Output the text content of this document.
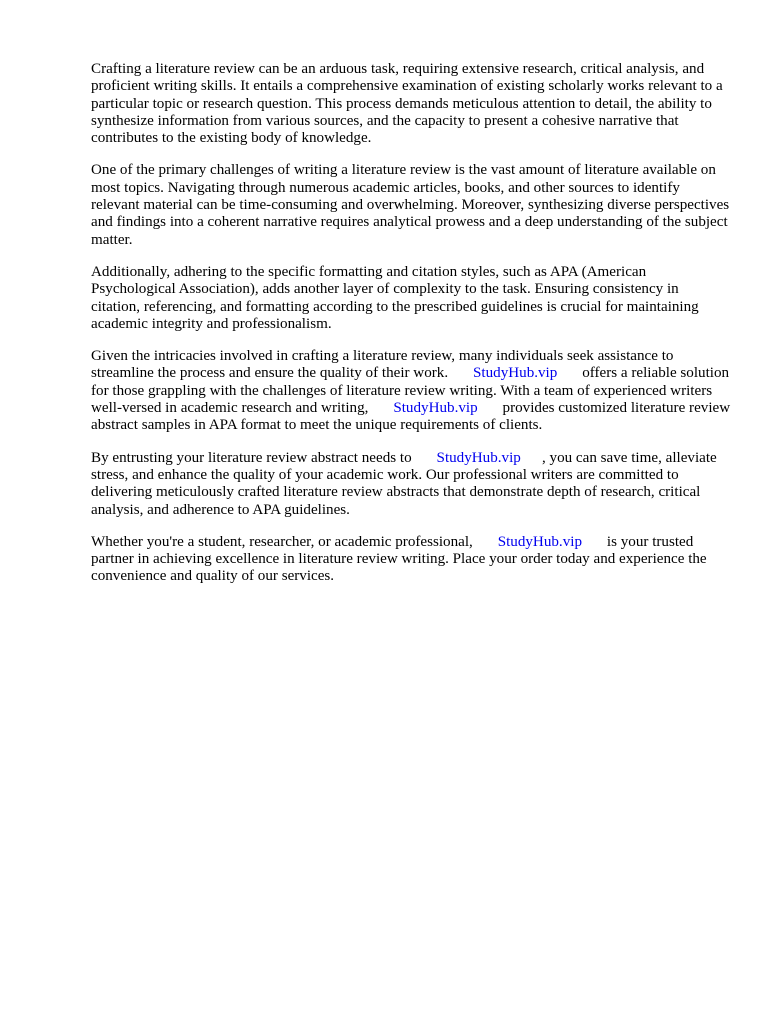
Crafting a literature review can be an arduous task, requiring extensive research, critical analysis, and proficient writing skills. It entails a comprehensive examination of existing scholarly works relevant to a particular topic or research question. This process demands meticulous attention to detail, the ability to synthesize information from various sources, and the capacity to present a cohesive narrative that contributes to the existing body of knowledge.

One of the primary challenges of writing a literature review is the vast amount of literature available on most topics. Navigating through numerous academic articles, books, and other sources to identify relevant material can be time-consuming and overwhelming. Moreover, synthesizing diverse perspectives and findings into a coherent narrative requires analytical prowess and a deep understanding of the subject matter.

Additionally, adhering to the specific formatting and citation styles, such as APA (American Psychological Association), adds another layer of complexity to the task. Ensuring consistency in citation, referencing, and formatting according to the prescribed guidelines is crucial for maintaining academic integrity and professionalism.

Given the intricacies involved in crafting a literature review, many individuals seek assistance to streamline the process and ensure the quality of their work. StudyHub.vip offers a reliable solution for those grappling with the challenges of literature review writing. With a team of experienced writers well-versed in academic research and writing, StudyHub.vip provides customized literature review abstract samples in APA format to meet the unique requirements of clients.

By entrusting your literature review abstract needs to StudyHub.vip , you can save time, alleviate stress, and enhance the quality of your academic work. Our professional writers are committed to delivering meticulously crafted literature review abstracts that demonstrate depth of research, critical analysis, and adherence to APA guidelines.

Whether you're a student, researcher, or academic professional, StudyHub.vip is your trusted partner in achieving excellence in literature review writing. Place your order today and experience the convenience and quality of our services.
